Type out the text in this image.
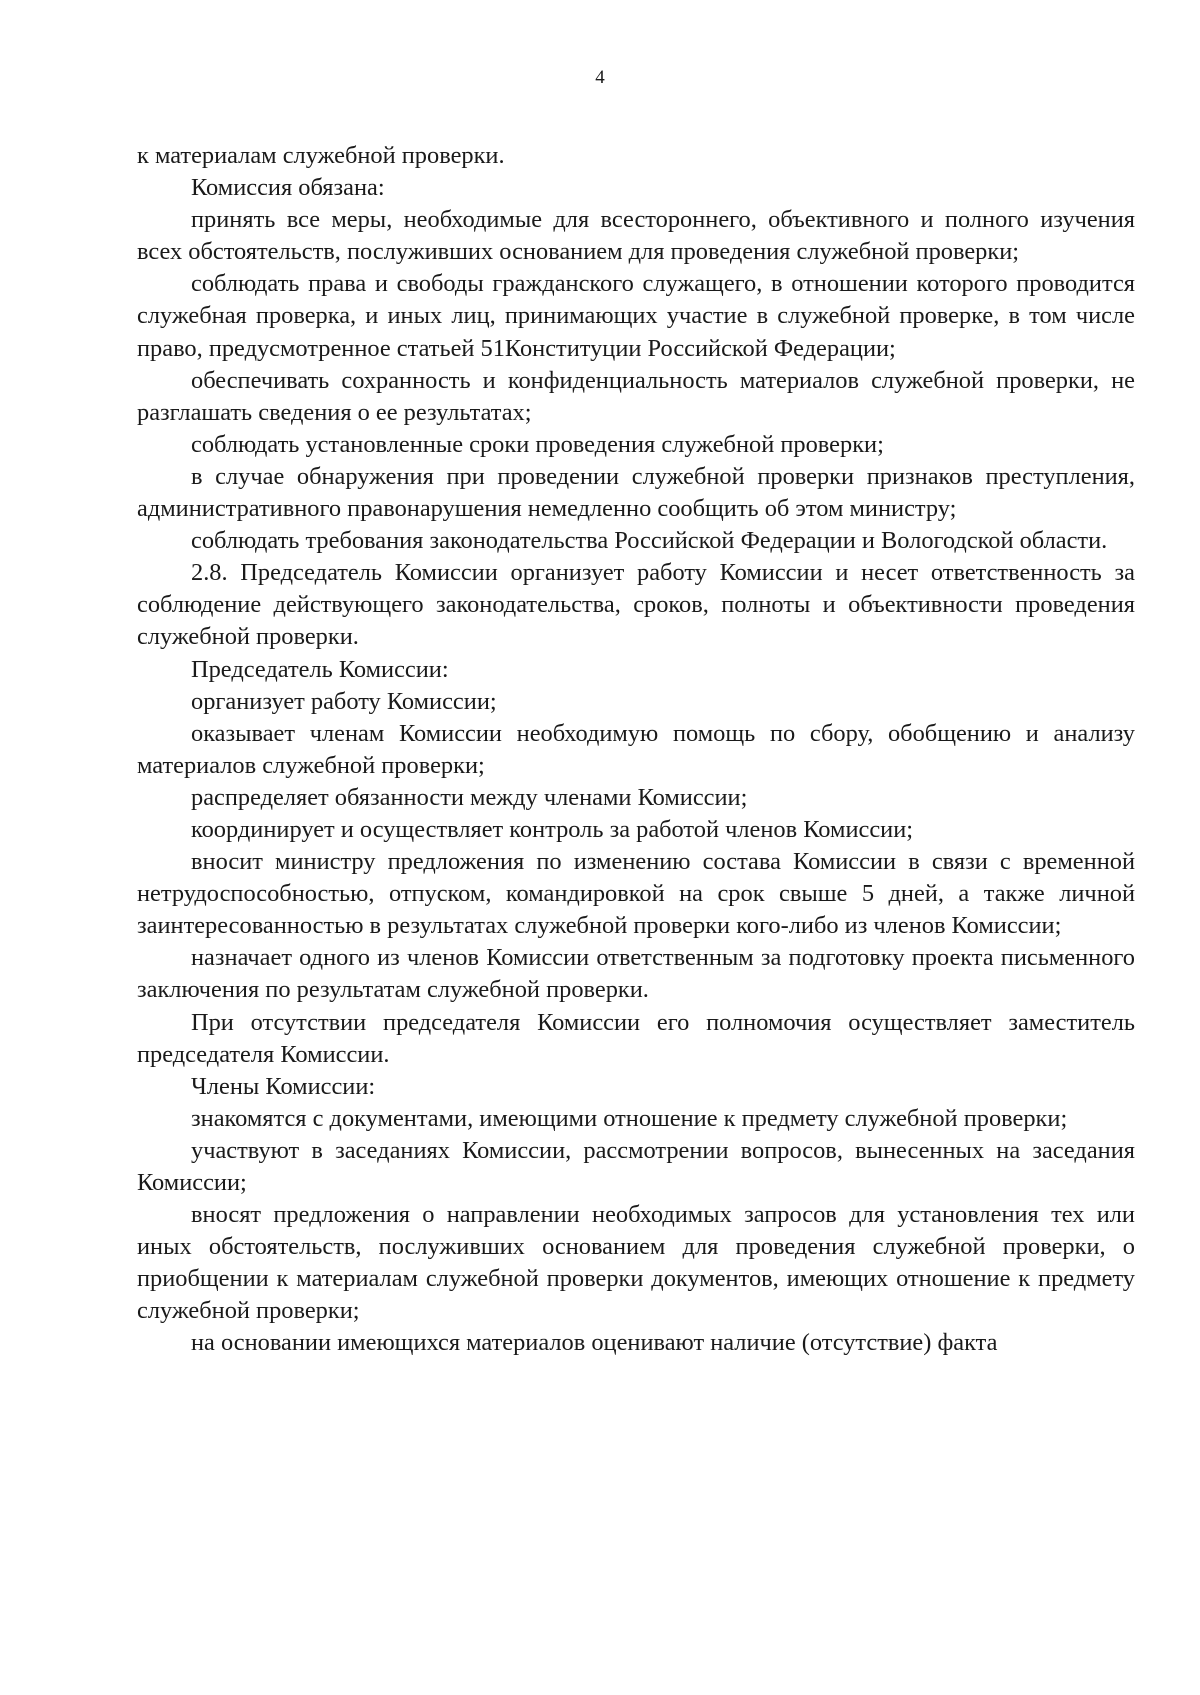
4

к материалам служебной проверки.

Комиссия обязана:

принять все меры, необходимые для всестороннего, объективного и полного изучения всех обстоятельств, послуживших основанием для проведения служебной проверки;

соблюдать права и свободы гражданского служащего, в отношении которого проводится служебная проверка, и иных лиц, принимающих участие в служебной проверке, в том числе право, предусмотренное статьей 51Конституции Российской Федерации;

обеспечивать сохранность и конфиденциальность материалов служебной проверки, не разглашать сведения о ее результатах;

соблюдать установленные сроки проведения служебной проверки;

в случае обнаружения при проведении служебной проверки признаков преступления, административного правонарушения немедленно сообщить об этом министру;

соблюдать требования законодательства Российской Федерации и Вологодской области.

2.8. Председатель Комиссии организует работу Комиссии и несет ответственность за соблюдение действующего законодательства, сроков, полноты и объективности проведения служебной проверки.

Председатель Комиссии:

организует работу Комиссии;

оказывает членам Комиссии необходимую помощь по сбору, обобщению и анализу материалов служебной проверки;

распределяет обязанности между членами Комиссии;

координирует и осуществляет контроль за работой членов Комиссии;

вносит министру предложения по изменению состава Комиссии в связи с временной нетрудоспособностью, отпуском, командировкой на срок свыше 5 дней, а также личной заинтересованностью в результатах служебной проверки кого-либо из членов Комиссии;

назначает одного из членов Комиссии ответственным за подготовку проекта письменного заключения по результатам служебной проверки.

При отсутствии председателя Комиссии его полномочия осуществляет заместитель председателя Комиссии.

Члены Комиссии:

знакомятся с документами, имеющими отношение к предмету служебной проверки;

участвуют в заседаниях Комиссии, рассмотрении вопросов, вынесенных на заседания Комиссии;

вносят предложения о направлении необходимых запросов для установления тех или иных обстоятельств, послуживших основанием для проведения служебной проверки, о приобщении к материалам служебной проверки документов, имеющих отношение к предмету служебной проверки;

на основании имеющихся материалов оценивают наличие (отсутствие) факта
